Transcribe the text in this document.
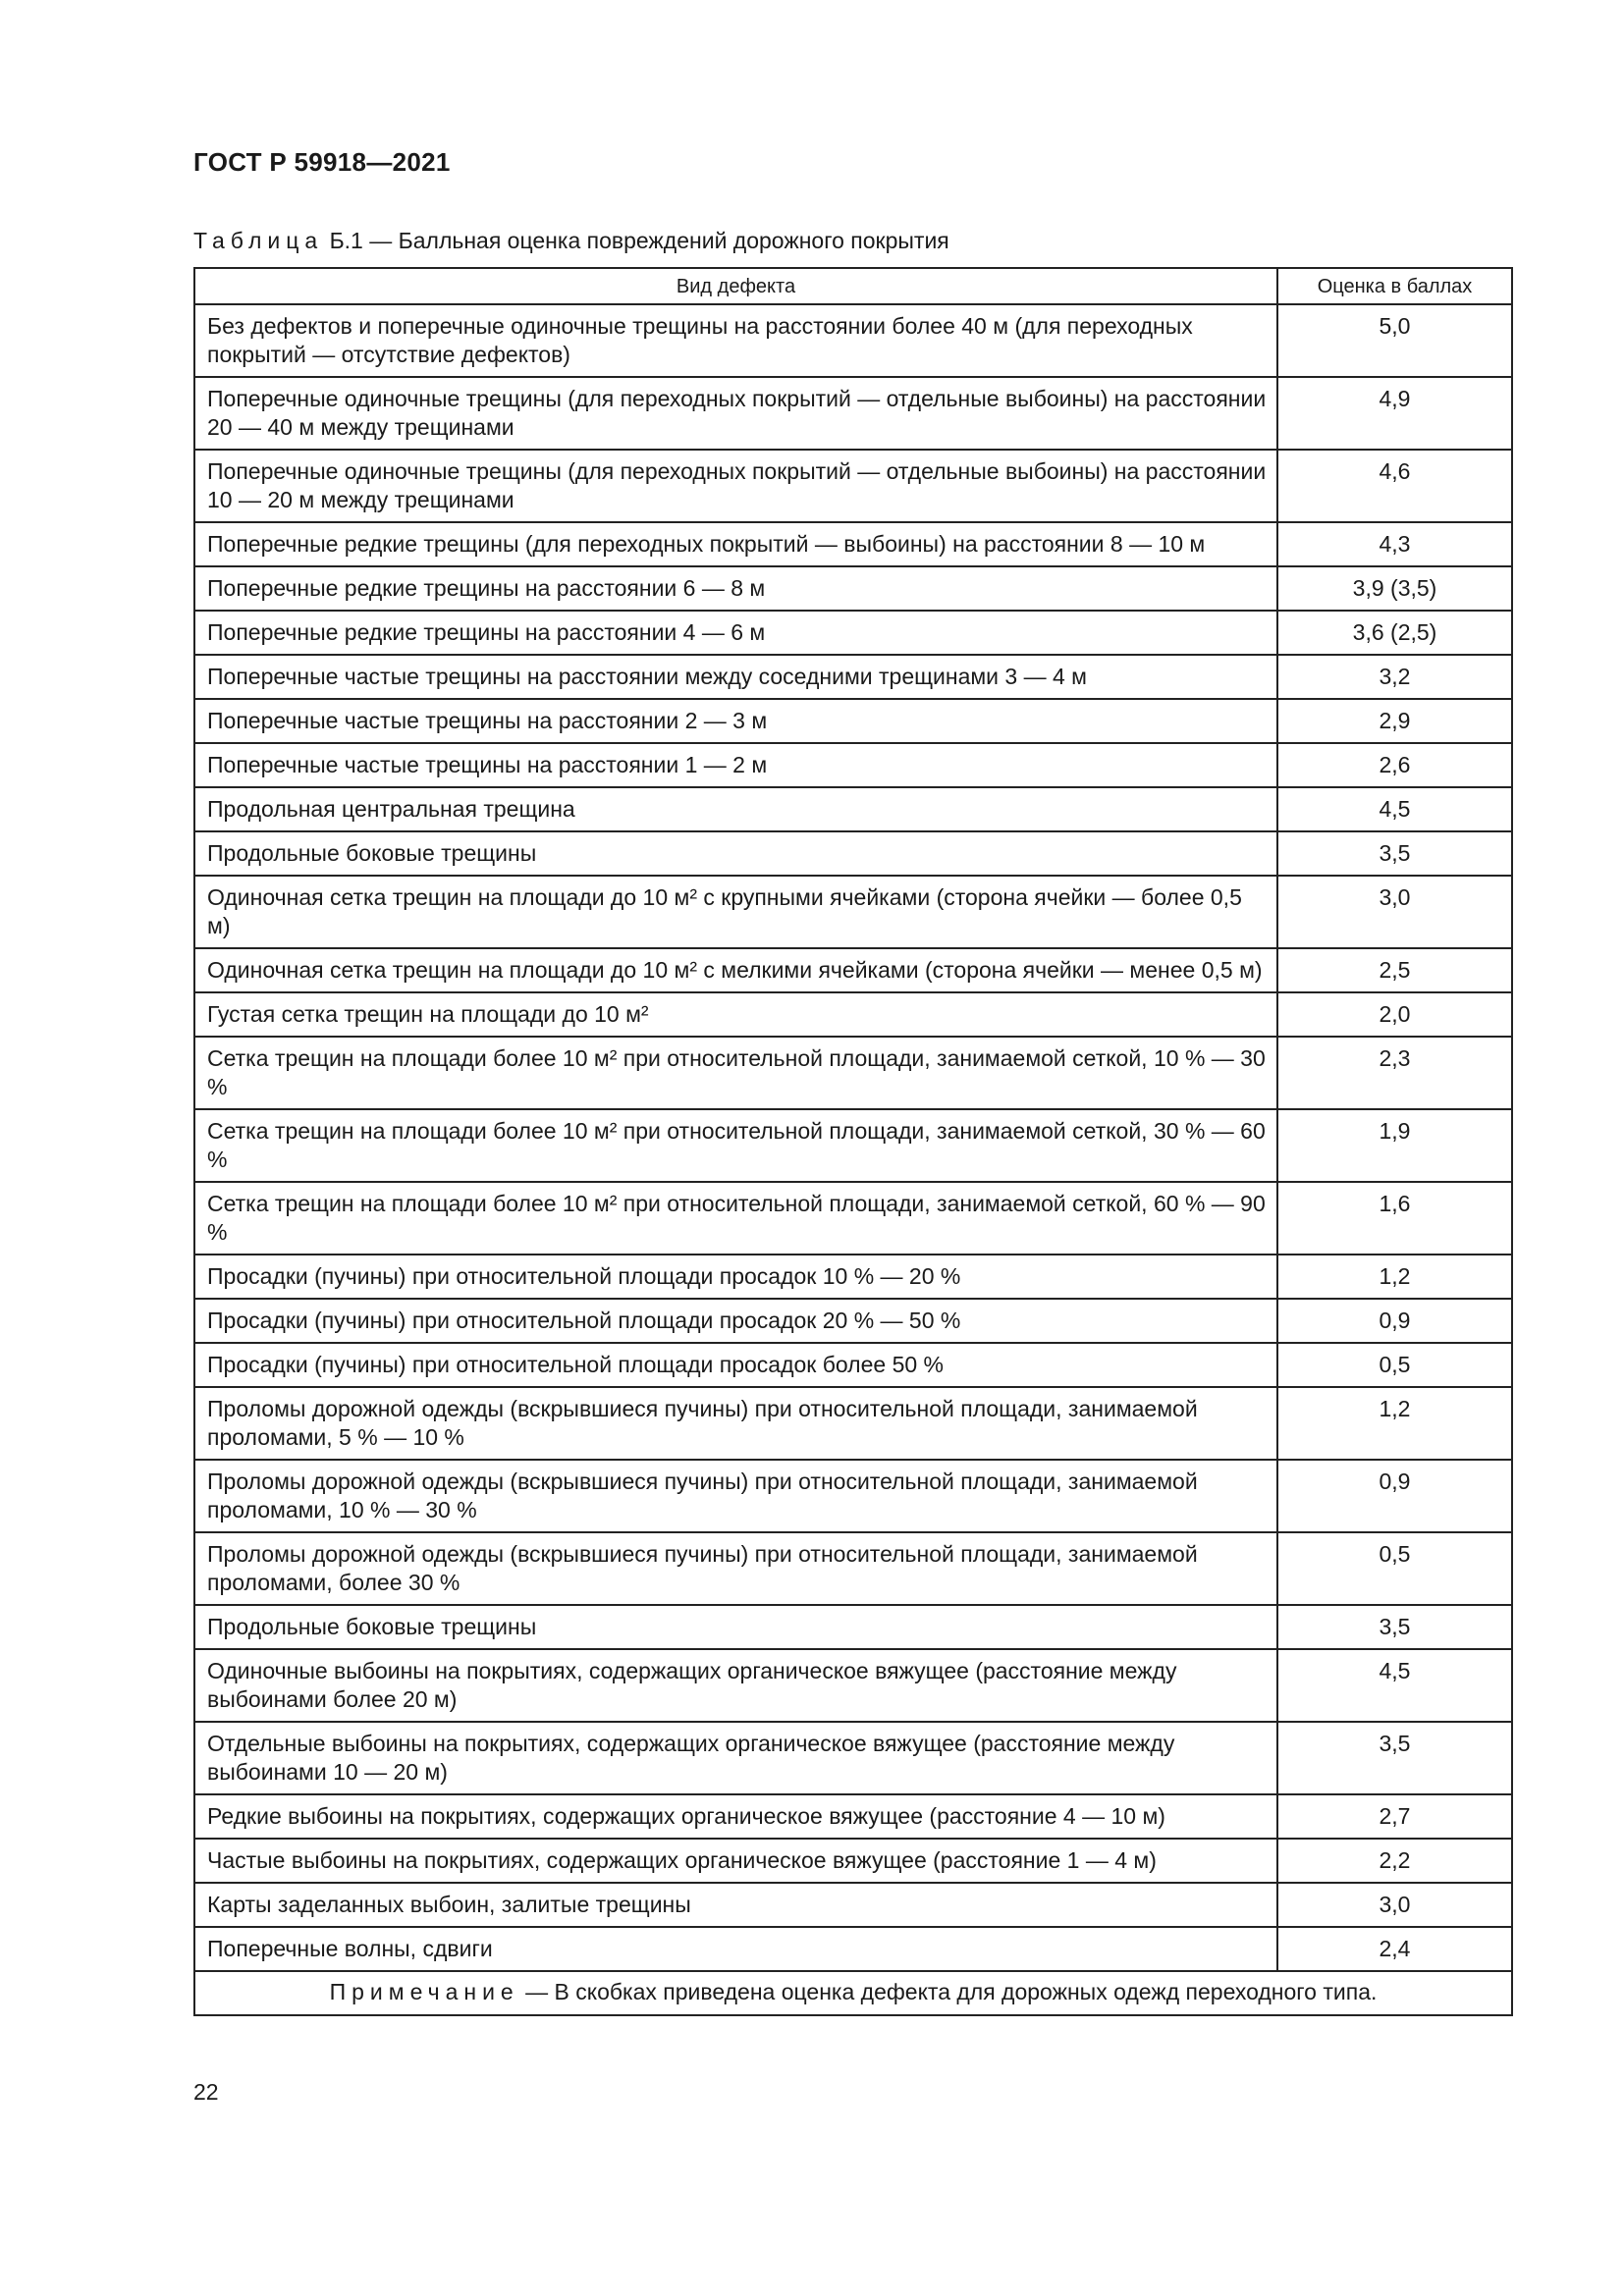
ГОСТ Р 59918—2021
Таблица Б.1 — Балльная оценка повреждений дорожного покрытия
Вид дефекта	Оценка в баллах
Без дефектов и поперечные одиночные трещины на расстоянии более 40 м (для переходных покрытий — отсутствие дефектов)	5,0
Поперечные одиночные трещины (для переходных покрытий — отдельные выбоины) на расстоянии 20 — 40 м между трещинами	4,9
Поперечные одиночные трещины (для переходных покрытий — отдельные выбоины) на расстоянии 10 — 20 м между трещинами	4,6
Поперечные редкие трещины (для переходных покрытий — выбоины) на расстоянии 8 — 10 м	4,3
Поперечные редкие трещины на расстоянии 6 — 8 м	3,9 (3,5)
Поперечные редкие трещины на расстоянии 4 — 6 м	3,6 (2,5)
Поперечные частые трещины на расстоянии между соседними трещинами 3 — 4 м	3,2
Поперечные частые трещины на расстоянии 2 — 3 м	2,9
Поперечные частые трещины на расстоянии 1 — 2 м	2,6
Продольная центральная трещина	4,5
Продольные боковые трещины	3,5
Одиночная сетка трещин на площади до 10 м² с крупными ячейками (сторона ячейки — более 0,5 м)	3,0
Одиночная сетка трещин на площади до 10 м² с мелкими ячейками (сторона ячейки — менее 0,5 м)	2,5
Густая сетка трещин на площади до 10 м²	2,0
Сетка трещин на площади более 10 м² при относительной площади, занимаемой сеткой, 10 % — 30 %	2,3
Сетка трещин на площади более 10 м² при относительной площади, занимаемой сеткой, 30 % — 60 %	1,9
Сетка трещин на площади более 10 м² при относительной площади, занимаемой сеткой, 60 % — 90 %	1,6
Просадки (пучины) при относительной площади просадок 10 % — 20 %	1,2
Просадки (пучины) при относительной площади просадок 20 % — 50 %	0,9
Просадки (пучины) при относительной площади просадок более 50 %	0,5
Проломы дорожной одежды (вскрывшиеся пучины) при относительной площади, занимаемой проломами, 5 % — 10 %	1,2
Проломы дорожной одежды (вскрывшиеся пучины) при относительной площади, занимаемой проломами, 10 % — 30 %	0,9
Проломы дорожной одежды (вскрывшиеся пучины) при относительной площади, занимаемой проломами, более 30 %	0,5
Продольные боковые трещины	3,5
Одиночные выбоины на покрытиях, содержащих органическое вяжущее (расстояние между выбоинами более 20 м)	4,5
Отдельные выбоины на покрытиях, содержащих органическое вяжущее (расстояние между выбоинами 10 — 20 м)	3,5
Редкие выбоины на покрытиях, содержащих органическое вяжущее (расстояние 4 — 10 м)	2,7
Частые выбоины на покрытиях, содержащих органическое вяжущее (расстояние 1 — 4 м)	2,2
Карты заделанных выбоин, залитые трещины	3,0
Поперечные волны, сдвиги	2,4
Примечание — В скобках приведена оценка дефекта для дорожных одежд переходного типа.	
22
